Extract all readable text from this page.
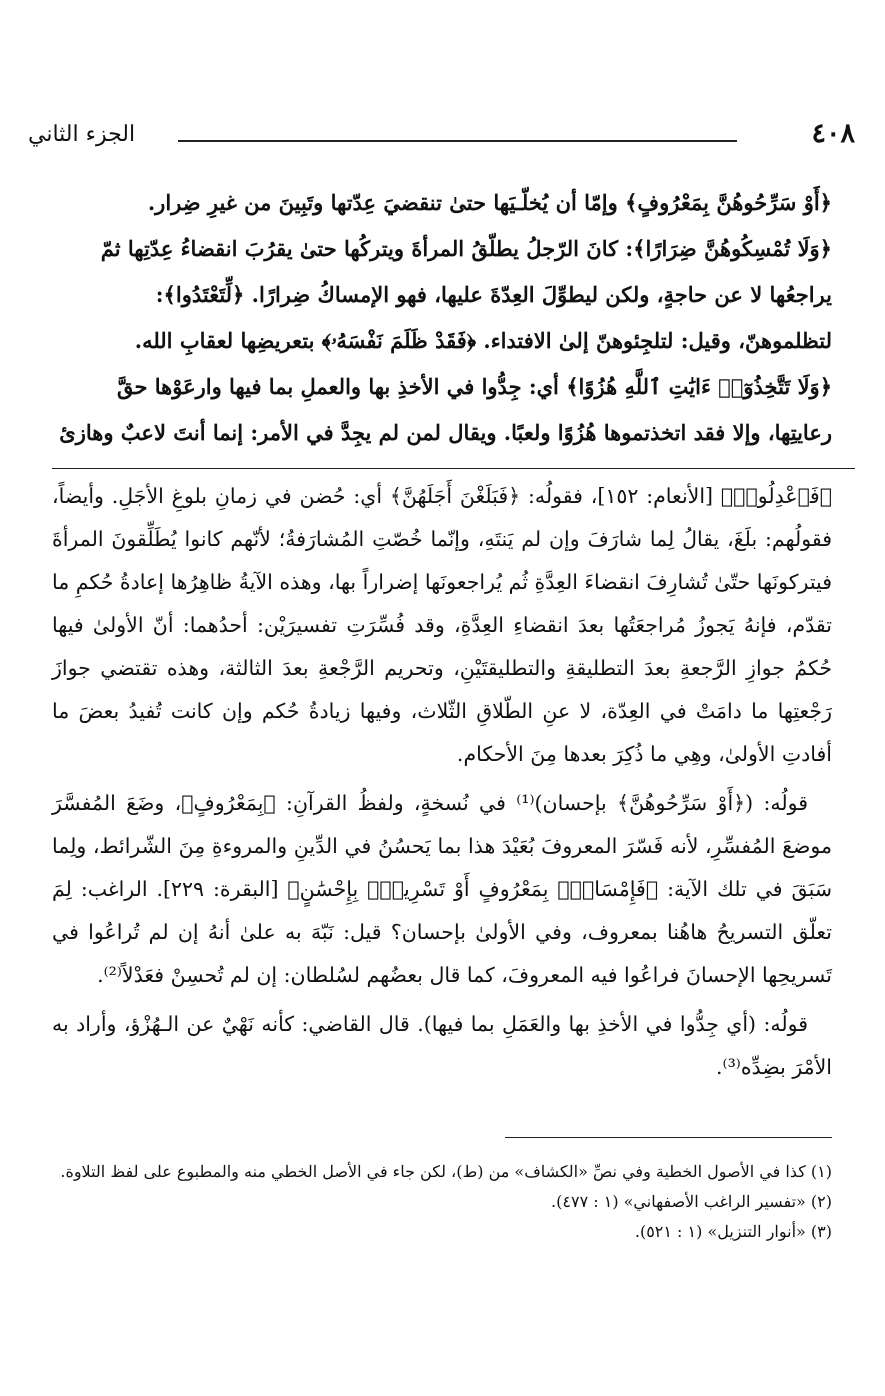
٤٠٨
الجزء الثاني

﴿أَوْ سَرِّحُوهُنَّ بِمَعْرُوفٍ﴾ وإمّا أن يُخلّـيَها حتىٰ تنقضيَ عِدّتها وتَبِينَ من غيرِ ضِرار.

﴿وَلَا تُمْسِكُوهُنَّ ضِرَارًا﴾: كانَ الرّجلُ يطلّقُ المرأةَ ويتركُها حتىٰ يقرُبَ انقضاءُ عِدّتِها ثمّ

يراجعُها لا عن حاجةٍ، ولكن ليطوِّلَ العِدّةَ عليها، فهو الإمساكُ ضِرارًا. ﴿لِّتَعْتَدُوا﴾:

لتظلموهنّ، وقيل: لتلجِئوهنّ إلىٰ الافتداء. ﴿فَقَدْ ظَلَمَ نَفْسَهُۥ﴾ بتعريضِها لعقابِ الله.

﴿وَلَا تَتَّخِذُوٓا۟ ءَايَٰتِ ٱللَّهِ هُزُوًا﴾ أي: جِدُّوا في الأخذِ بها والعملِ بما فيها وارعَوْها حقَّ

رعايتِها، وإلا فقد اتخذتموها هُزُوًا ولعبًا. ويقال لمن لم يجِدَّ في الأمر: إنما أنتَ لاعبٌ وهازئ

﴿فَٱعْدِلُوا۟﴾ [الأنعام: ١٥٢]، فقولُه: ﴿فَبَلَغْنَ أَجَلَهُنَّ﴾ أي: حُضن في زمانِ بلوغِ الأجَلِ. وأيضاً، فقولُهم: بلَغَ، يقالُ لِما شارَفَ وإن لم يَنتَهِ، وإنّما خُصّتِ المُشارَفةُ؛ لأنّهم كانوا يُطَلِّقونَ المرأةَ فيتركونَها حتّىٰ تُشارِفَ انقضاءَ العِدَّةِ ثُم يُراجعونَها إضراراً بها، وهذه الآيةُ ظاهِرُها إعادةُ حُكمِ ما تقدّم، فإنهُ يَجوزُ مُراجعَتُها بعدَ انقضاءِ العِدَّةِ، وقد فُسِّرَتِ تفسيرَيْن: أحدُهما: أنّ الأولىٰ فيها حُكمُ جوازِ الرَّجعةِ بعدَ التطليقةِ والتطليقتَيْنِ، وتحريم الرَّجْعةِ بعدَ الثالثة، وهذه تقتضي جوازَ رَجْعتِها ما دامَتْ في العِدّة، لا عنِ الطّلاقِ الثّلاث، وفيها زيادةُ حُكم وإن كانت تُفيدُ بعضَ ما أفادتِ الأولىٰ، وهِي ما ذُكِرَ بعدها مِنَ الأحكام.

قولُه: (﴿أَوْ سَرِّحُوهُنَّ﴾ بإحسان)⁽¹⁾ في نُسخةٍ، ولفظُ القرآنِ: ﴿بِمَعْرُوفٍ﴾، وضَعَ المُفسَّرَ موضعَ المُفسِّرِ، لأنه فَسّرَ المعروفَ بُعَيْدَ هذا بما يَحسُنُ في الدِّينِ والمروءةِ مِنَ الشّرائط، ولِما سَبَقَ في تلك الآية: ﴿فَإِمْسَاكٌۢ بِمَعْرُوفٍ أَوْ تَسْرِيحٌۢ بِإِحْسَٰنٍ﴾ [البقرة: ٢٢٩]. الراغب: لِمَ تعلّق التسريحُ هاهُنا بمعروف، وفي الأولىٰ بإحسان؟ قيل: نَبّهَ به علىٰ أنهُ إن لم تُراعُوا في تَسريحِها الإحسانَ فراعُوا فيه المعروفَ، كما قال بعضُهم لسُلطان: إن لم تُحسِنْ فعَدْلاً⁽²⁾.

قولُه: (أي جِدُّوا في الأخذِ بها والعَمَلِ بما فيها). قال القاضي: كأنه نَهْيٌ عن الـهُزْؤ، وأراد به الأمْرَ بضِدِّه⁽³⁾.

(١) كذا في الأصول الخطية وفي نصِّ «الكشاف» من (ط)، لكن جاء في الأصل الخطي منه والمطبوع على لفظ التلاوة.
(٢) «تفسير الراغب الأصفهاني» (١ : ٤٧٧).
(٣) «أنوار التنزيل» (١ : ٥٢١).
